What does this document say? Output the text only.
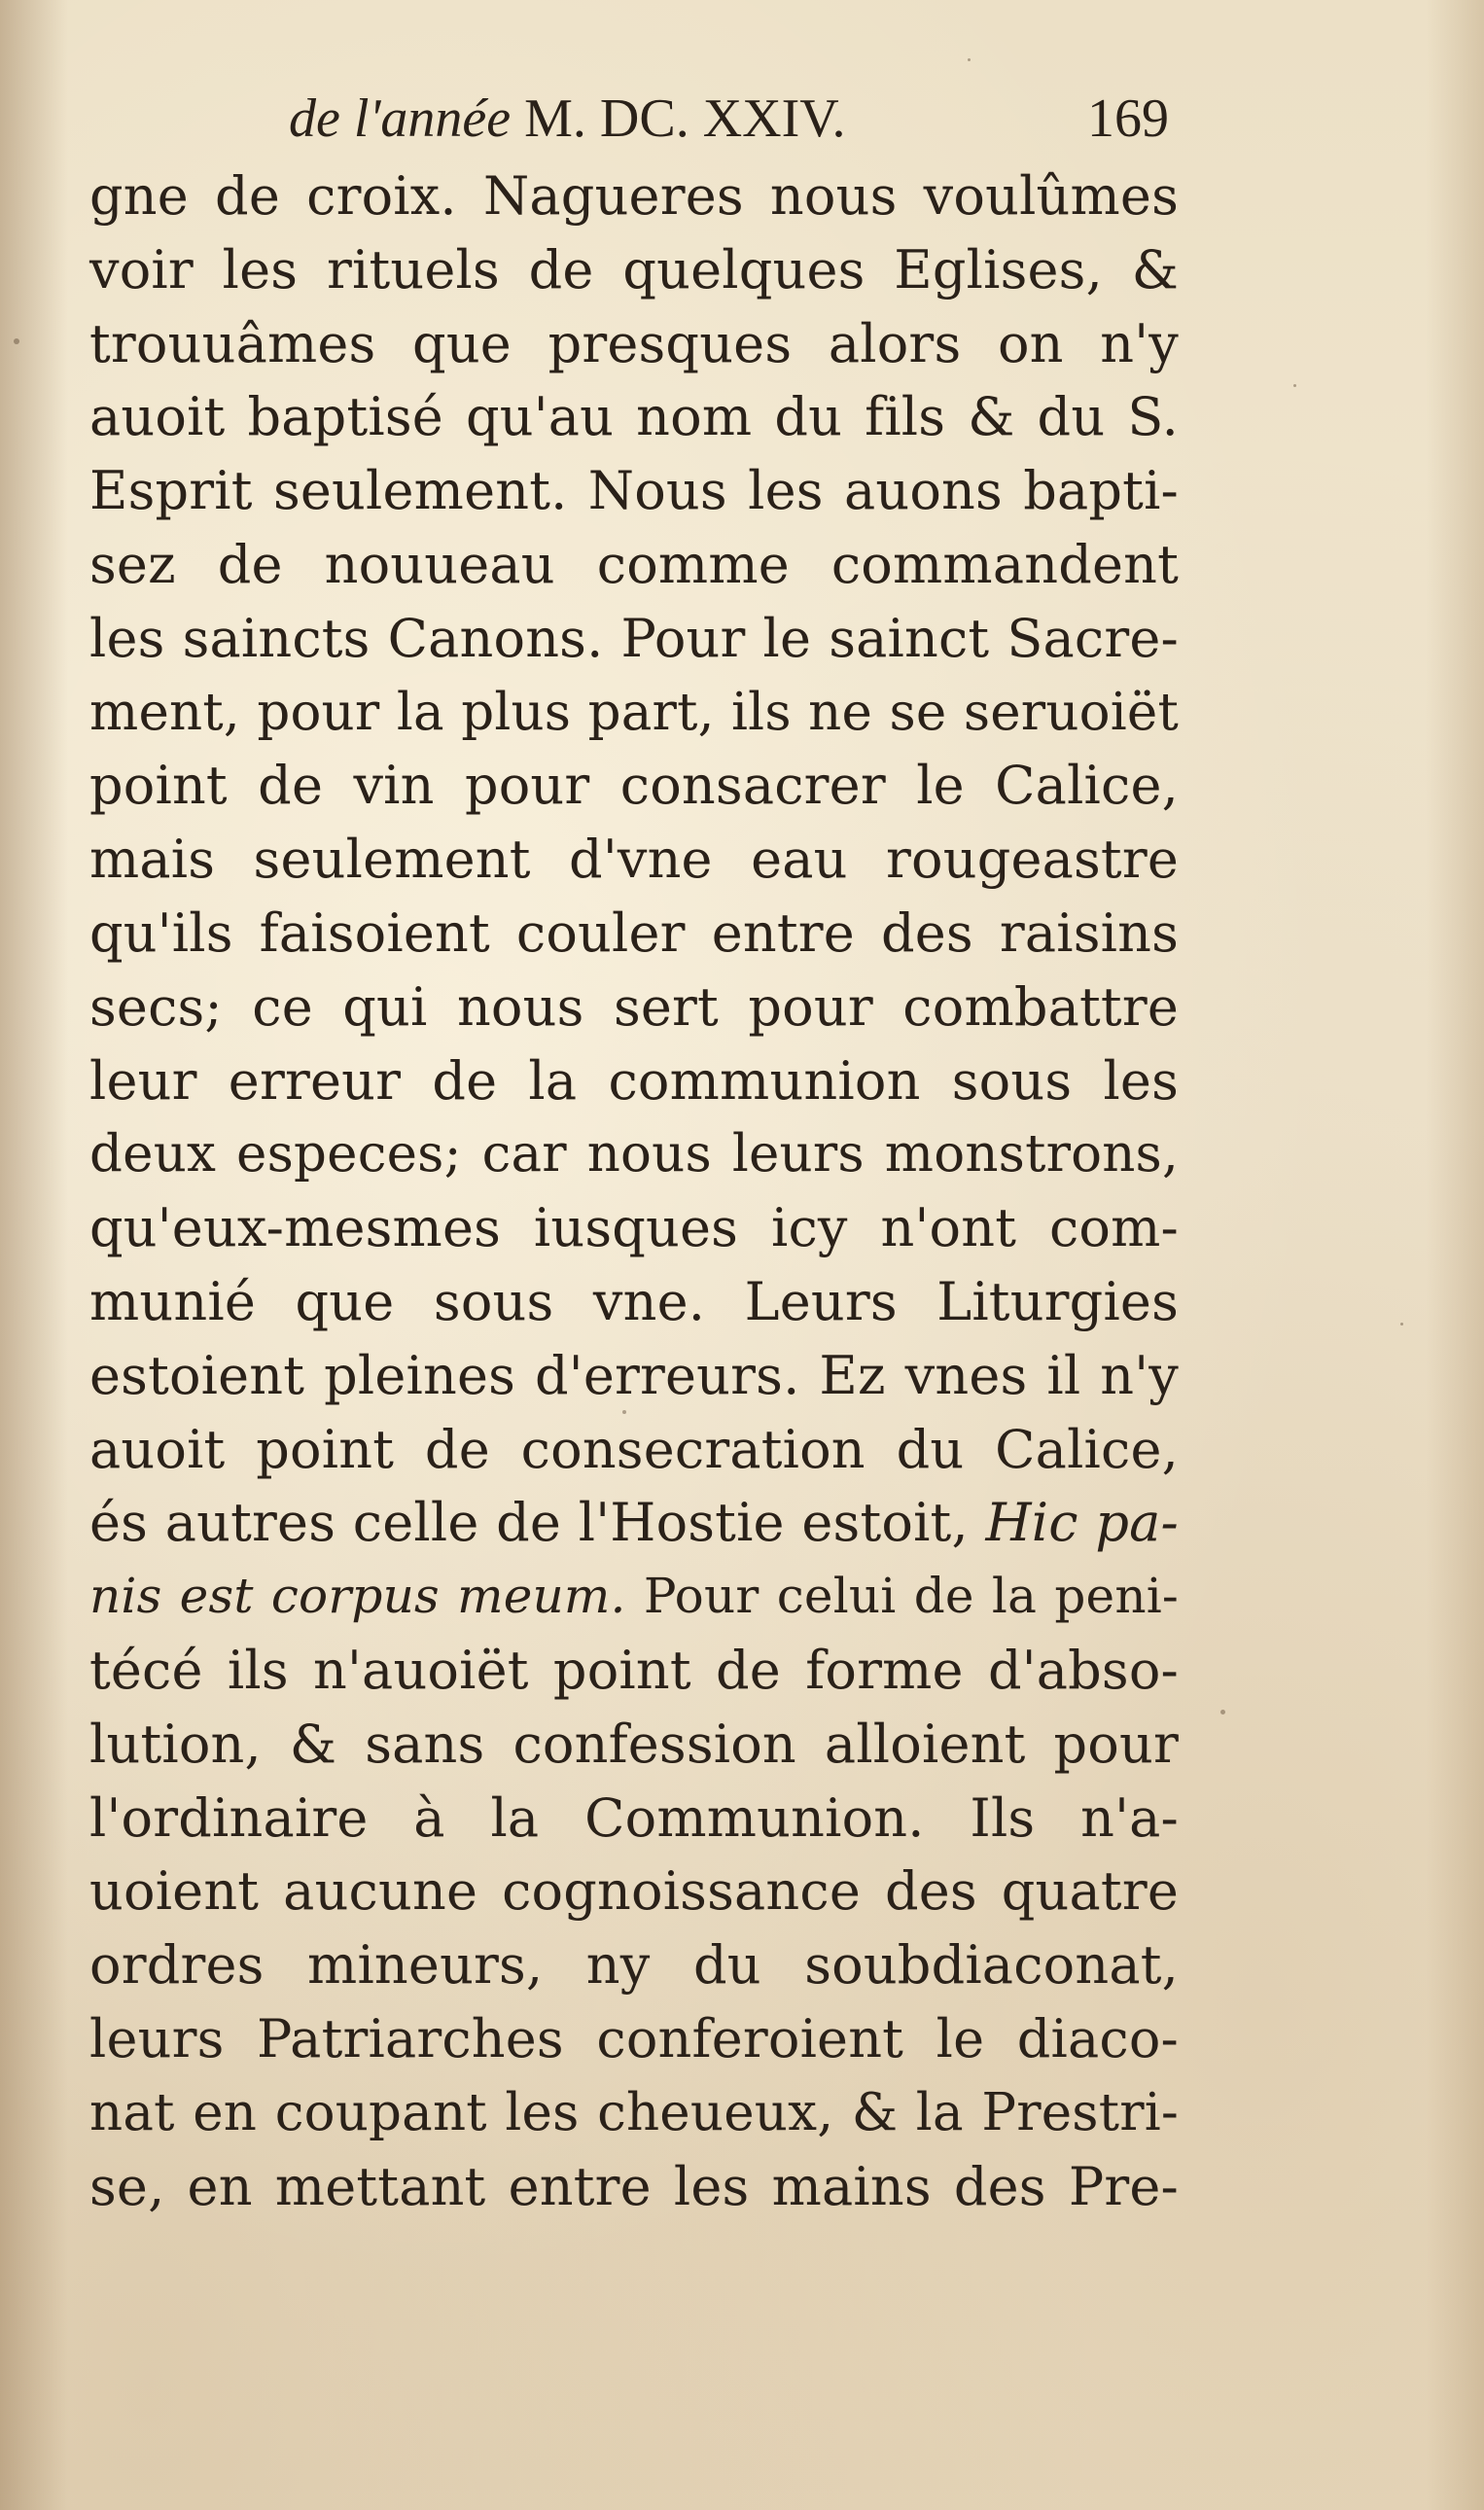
de l'année M. DC. XXIV.	169
gne de croix. Nagueres nous voulûmes
voir les rituels de quelques Eglises, &
trouuâmes que presques alors on n'y
auoit baptisé qu'au nom du fils & du S.
Esprit seulement. Nous les auons bapti-
sez de nouueau comme commandent
les saincts Canons. Pour le sainct Sacre-
ment, pour la plus part, ils ne se seruoiët
point de vin pour consacrer le Calice,
mais seulement d'vne eau rougeastre
qu'ils faisoient couler entre des raisins
secs; ce qui nous sert pour combattre
leur erreur de la communion sous les
deux especes; car nous leurs monstrons,
qu'eux-mesmes iusques icy n'ont com-
munié que sous vne. Leurs Liturgies
estoient pleines d'erreurs. Ez vnes il n'y
auoit point de consecration du Calice,
és autres celle de l'Hostie estoit, Hic pa-
nis est corpus meum. Pour celui de la peni-
técé ils n'auoiët point de forme d'abso-
lution, & sans confession alloient pour
l'ordinaire à la Communion. Ils n'a-
uoient aucune cognoissance des quatre
ordres mineurs, ny du soubdiaconat,
leurs Patriarches conferoient le diaco-
nat en coupant les cheueux, & la Prestri-
se, en mettant entre les mains des Pre-
